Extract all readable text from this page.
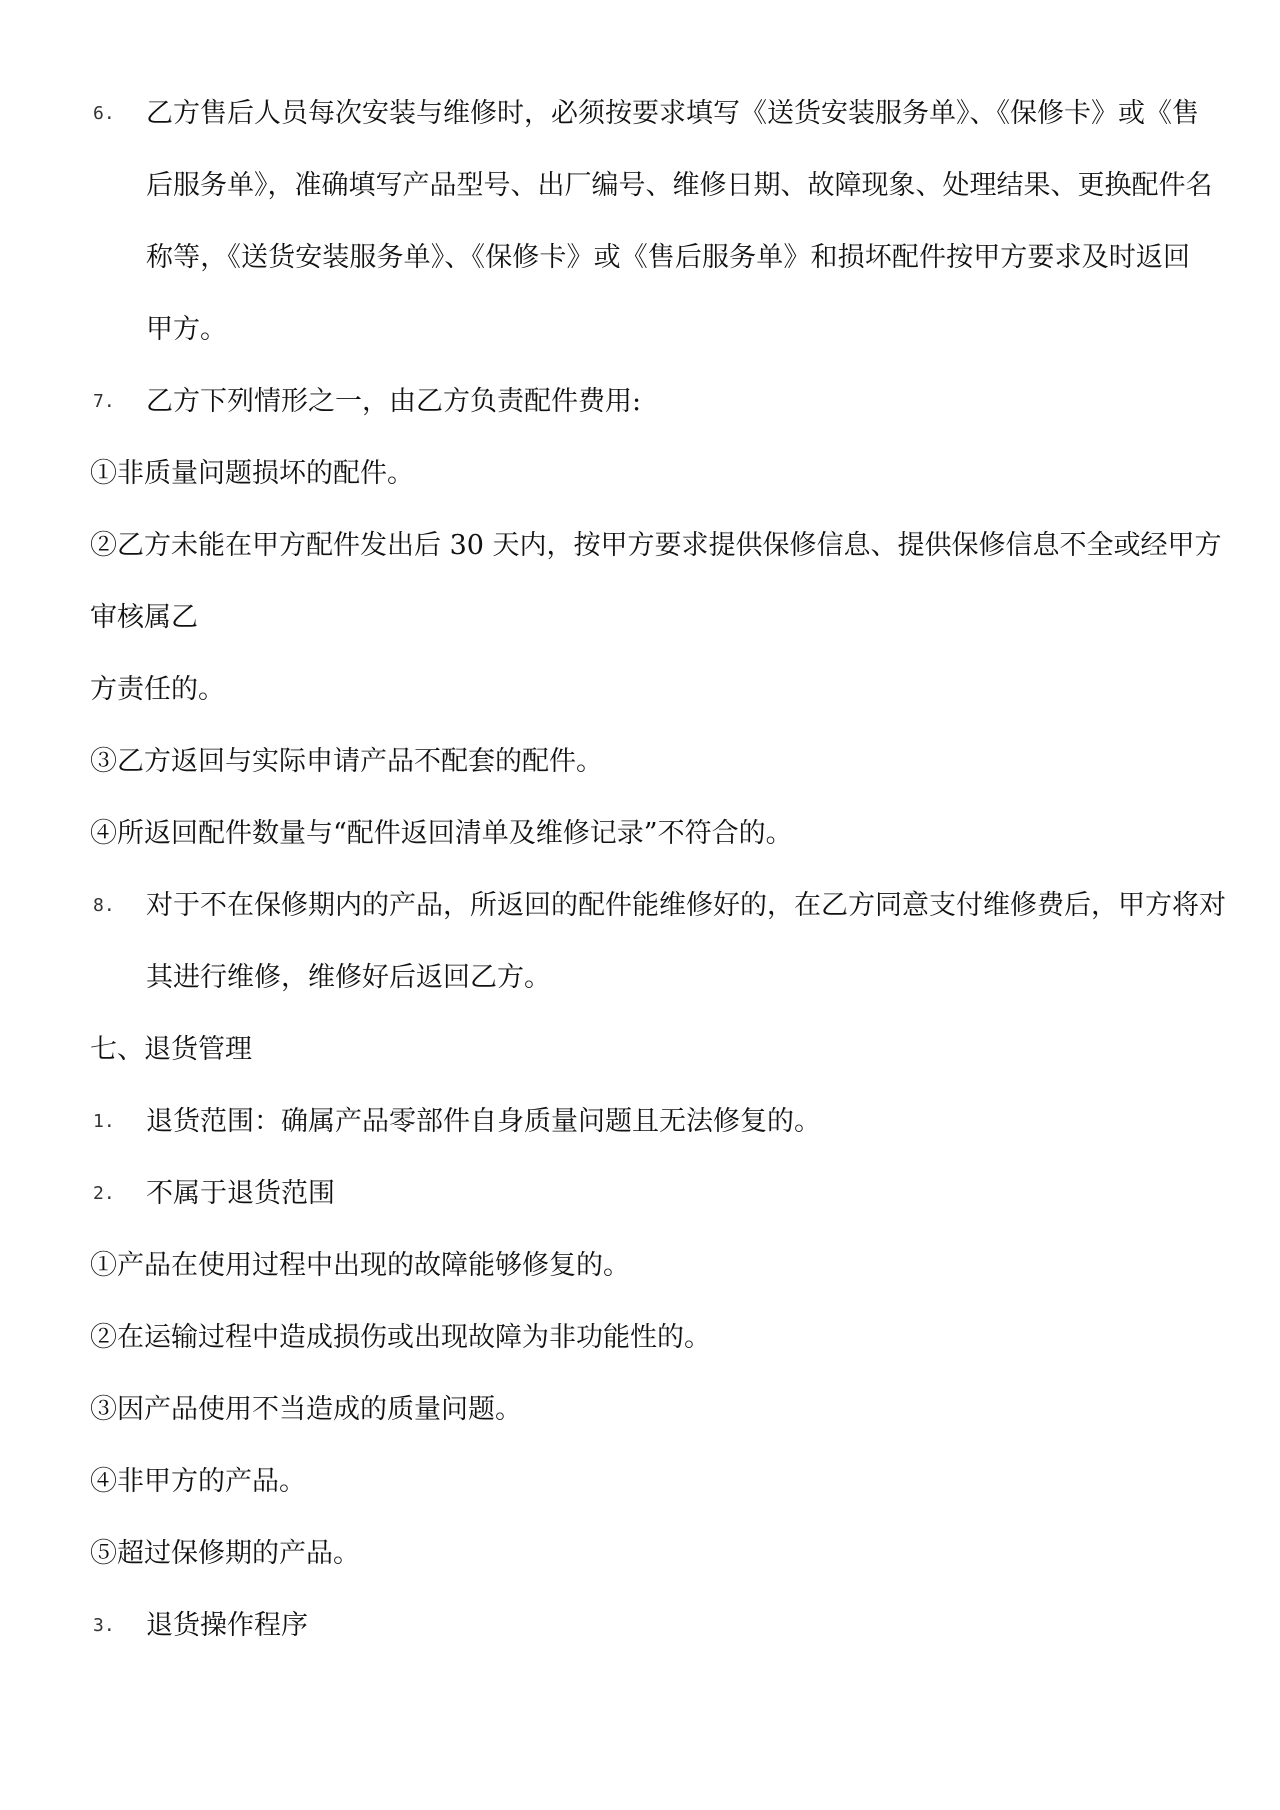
6. 乙方售后人员每次安装与维修时，必须按要求填写《送货安装服务单》、《保修卡》或《售
后服务单》，准确填写产品型号、出厂编号、维修日期、故障现象、处理结果、更换配件名
称等，《送货安装服务单》、《保修卡》或《售后服务单》和损坏配件按甲方要求及时返回
甲方。
7. 乙方下列情形之一，由乙方负责配件费用:
①非质量问题损坏的配件。
②乙方未能在甲方配件发出后 30 天内，按甲方要求提供保修信息、提供保修信息不全或经甲方
审核属乙
方责任的。
③乙方返回与实际申请产品不配套的配件。
④所返回配件数量与“配件返回清单及维修记录”不符合的。
8. 对于不在保修期内的产品，所返回的配件能维修好的，在乙方同意支付维修费后，甲方将对
其进行维修，维修好后返回乙方。
七、退货管理
1. 退货范围：确属产品零部件自身质量问题且无法修复的。
2. 不属于退货范围
①产品在使用过程中出现的故障能够修复的。
②在运输过程中造成损伤或出现故障为非功能性的。
③因产品使用不当造成的质量问题。
④非甲方的产品。
⑤超过保修期的产品。
3. 退货操作程序
